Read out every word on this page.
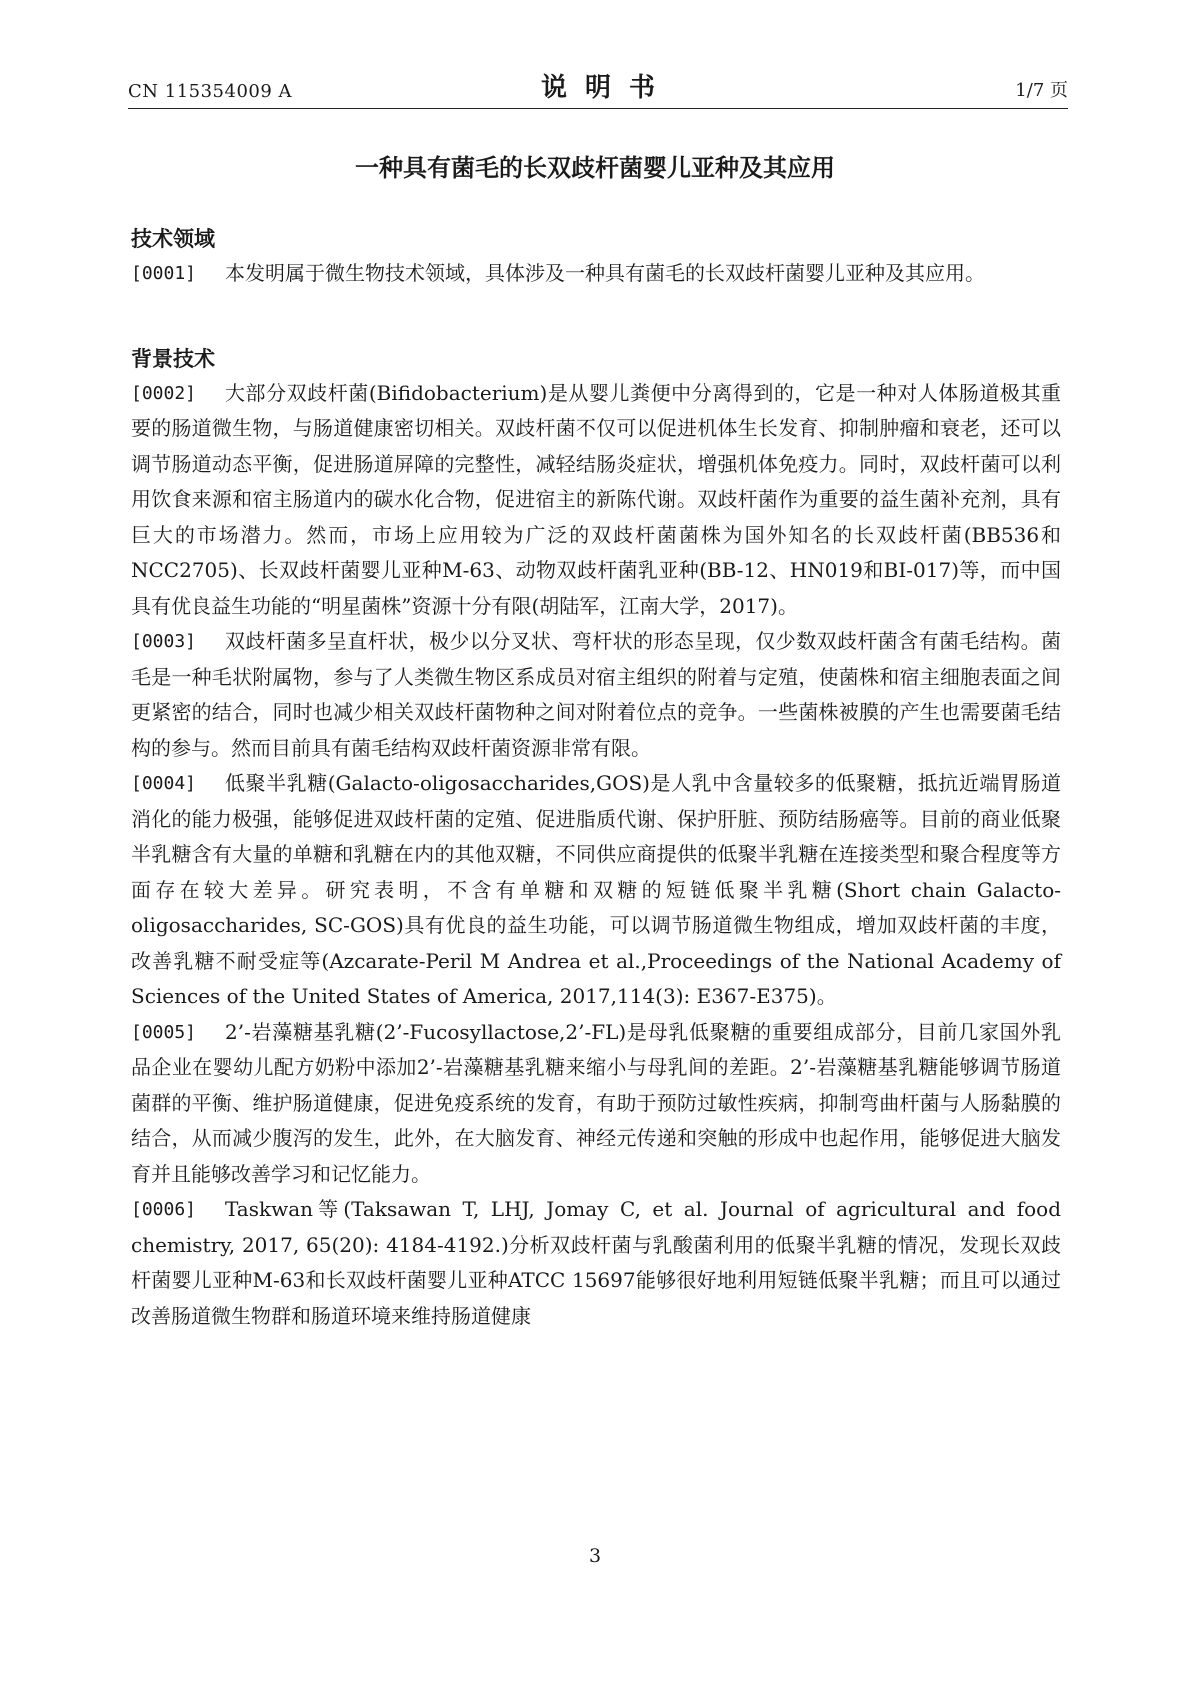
CN 115354009 A	说明书	1/7 页
一种具有菌毛的长双歧杆菌婴儿亚种及其应用
技术领域

[0001] 本发明属于微生物技术领域，具体涉及一种具有菌毛的长双歧杆菌婴儿亚种及其应用。

背景技术

[0002] 大部分双歧杆菌(Bifidobacterium)是从婴儿粪便中分离得到的，它是一种对人体肠道极其重要的肠道微生物，与肠道健康密切相关。双歧杆菌不仅可以促进机体生长发育、抑制肿瘤和衰老，还可以调节肠道动态平衡，促进肠道屏障的完整性，减轻结肠炎症状，增强机体免疫力。同时，双歧杆菌可以利用饮食来源和宿主肠道内的碳水化合物，促进宿主的新陈代谢。双歧杆菌作为重要的益生菌补充剂，具有巨大的市场潜力。然而，市场上应用较为广泛的双歧杆菌菌株为国外知名的长双歧杆菌(BB536和NCC2705)、长双歧杆菌婴儿亚种M-63、动物双歧杆菌乳亚种(BB-12、HN019和BI-017)等，而中国具有优良益生功能的“明星菌株”资源十分有限(胡陆军，江南大学，2017)。

[0003] 双歧杆菌多呈直杆状，极少以分叉状、弯杆状的形态呈现，仅少数双歧杆菌含有菌毛结构。菌毛是一种毛状附属物，参与了人类微生物区系成员对宿主组织的附着与定殖，使菌株和宿主细胞表面之间更紧密的结合，同时也减少相关双歧杆菌物种之间对附着位点的竞争。一些菌株被膜的产生也需要菌毛结构的参与。然而目前具有菌毛结构双歧杆菌资源非常有限。

[0004] 低聚半乳糖(Galacto-oligosaccharides,GOS)是人乳中含量较多的低聚糖，抵抗近端胃肠道消化的能力极强，能够促进双歧杆菌的定殖、促进脂质代谢、保护肝脏、预防结肠癌等。目前的商业低聚半乳糖含有大量的单糖和乳糖在内的其他双糖，不同供应商提供的低聚半乳糖在连接类型和聚合程度等方面存在较大差异。研究表明，不含有单糖和双糖的短链低聚半乳糖(Short chain Galacto-oligosaccharides, SC-GOS)具有优良的益生功能，可以调节肠道微生物组成，增加双歧杆菌的丰度，改善乳糖不耐受症等(Azcarate-Peril M Andrea et al.,Proceedings of the National Academy of Sciences of the United States of America, 2017,114(3): E367-E375)。

[0005] 2’-岩藻糖基乳糖(2’-Fucosyllactose,2’-FL)是母乳低聚糖的重要组成部分，目前几家国外乳品企业在婴幼儿配方奶粉中添加2’-岩藻糖基乳糖来缩小与母乳间的差距。2’-岩藻糖基乳糖能够调节肠道菌群的平衡、维护肠道健康，促进免疫系统的发育，有助于预防过敏性疾病，抑制弯曲杆菌与人肠黏膜的结合，从而减少腹泻的发生，此外，在大脑发育、神经元传递和突触的形成中也起作用，能够促进大脑发育并且能够改善学习和记忆能力。

[0006] Taskwan等(Taksawan T, LHJ, Jomay C, et al. Journal of agricultural and food chemistry, 2017, 65(20): 4184-4192.)分析双歧杆菌与乳酸菌利用的低聚半乳糖的情况，发现长双歧杆菌婴儿亚种M-63和长双歧杆菌婴儿亚种ATCC 15697能够很好地利用短链低聚半乳糖；而且可以通过改善肠道微生物群和肠道环境来维持肠道健康

3
